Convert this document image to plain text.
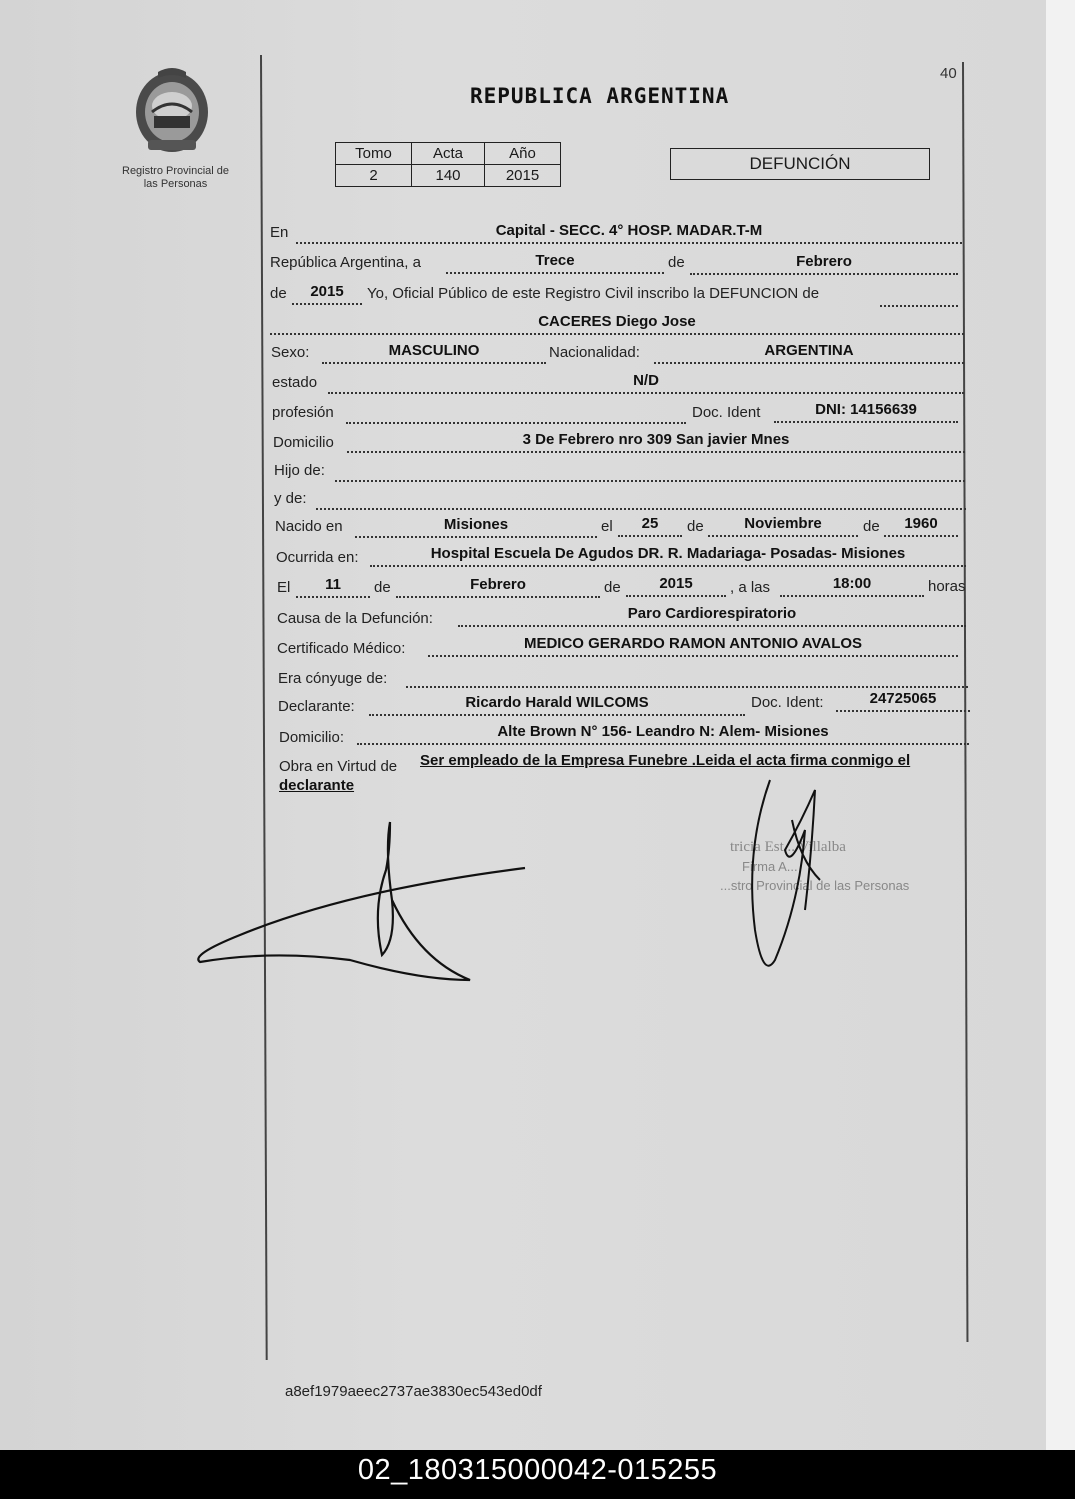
Registro Provincial de
las Personas
40
REPUBLICA ARGENTINA
Tomo	Acta	Año
2	140	2015
DEFUNCIÓN
En	Capital - SECC. 4° HOSP. MADAR.T-M
República Argentina, a	Trece	de	Febrero
de	2015	Yo, Oficial Público de este Registro Civil inscribo la DEFUNCION de
CACERES Diego Jose
Sexo:	MASCULINO	Nacionalidad:	ARGENTINA
estado	N/D
profesión	Doc. Ident	DNI: 14156639
Domicilio	3 De Febrero nro 309 San javier Mnes
Hijo de:
y de:
Nacido en	Misiones	el	25	de	Noviembre	de	1960
Ocurrida en:	Hospital Escuela De Agudos DR. R. Madariaga- Posadas- Misiones
El	11	de	Febrero	de	2015	, a las	18:00	horas
Causa de la Defunción:	Paro Cardiorespiratorio
Certificado Médico:	MEDICO GERARDO RAMON ANTONIO AVALOS
Era cónyuge de:
Declarante:	Ricardo Harald WILCOMS	Doc. Ident:	24725065
Domicilio:	Alte Brown N° 156- Leandro N: Alem- Misiones
Obra en Virtud de Ser empleado de la Empresa Funebre .Leida el acta firma conmigo el
declarante
tricia Est... Villalba
Firma A...
...stro Provincial de las Personas
a8ef1979aeec2737ae3830ec543ed0df
02_180315000042-015255
